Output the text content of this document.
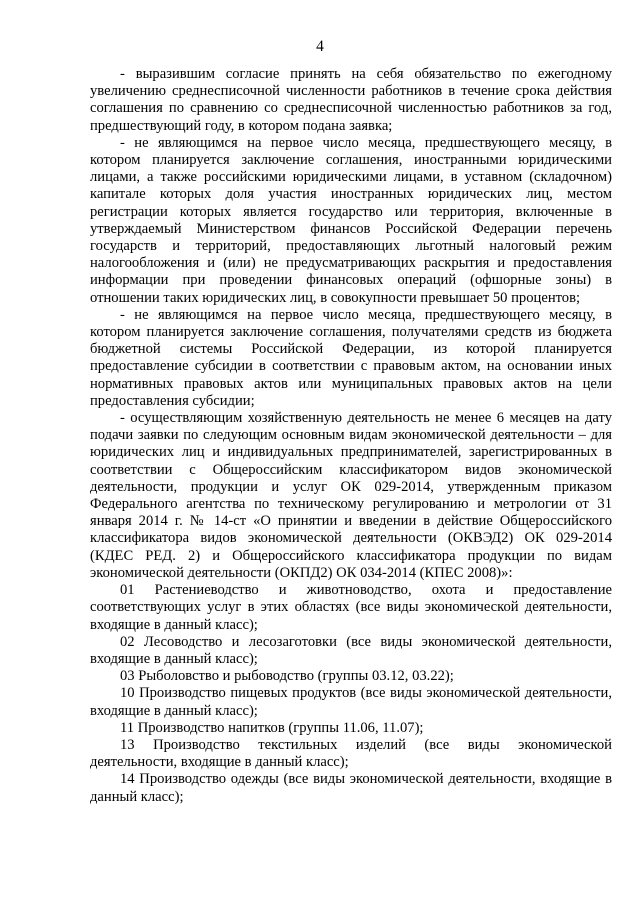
4

- выразившим согласие принять на себя обязательство по ежегодному увеличению среднесписочной численности работников в течение срока действия соглашения по сравнению со среднесписочной численностью работников за год, предшествующий году, в котором подана заявка;

- не являющимся на первое число месяца, предшествующего месяцу, в котором планируется заключение соглашения, иностранными юридическими лицами, а также российскими юридическими лицами, в уставном (складочном) капитале которых доля участия иностранных юридических лиц, местом регистрации которых является государство или территория, включенные в утверждаемый Министерством финансов Российской Федерации перечень государств и территорий, предоставляющих льготный налоговый режим налогообложения и (или) не предусматривающих раскрытия и предоставления информации при проведении финансовых операций (офшорные зоны) в отношении таких юридических лиц, в совокупности превышает 50 процентов;

- не являющимся на первое число месяца, предшествующего месяцу, в котором планируется заключение соглашения, получателями средств из бюджета бюджетной системы Российской Федерации, из которой планируется предоставление субсидии в соответствии с правовым актом, на основании иных нормативных правовых актов или муниципальных правовых актов на цели предоставления субсидии;

- осуществляющим хозяйственную деятельность не менее 6 месяцев на дату подачи заявки по следующим основным видам экономической деятельности – для юридических лиц и индивидуальных предпринимателей, зарегистрированных в соответствии с Общероссийским классификатором видов экономической деятельности, продукции и услуг ОК 029-2014, утвержденным приказом Федерального агентства по техническому регулированию и метрологии от 31 января 2014 г. № 14-ст «О принятии и введении в действие Общероссийского классификатора видов экономической деятельности (ОКВЭД2) ОК 029-2014 (КДЕС РЕД. 2) и Общероссийского классификатора продукции по видам экономической деятельности (ОКПД2) ОК 034-2014 (КПЕС 2008)»:

01 Растениеводство и животноводство, охота и предоставление соответствующих услуг в этих областях (все виды экономической деятельности, входящие в данный класс);

02 Лесоводство и лесозаготовки (все виды экономической деятельности, входящие в данный класс);

03 Рыболовство и рыбоводство (группы 03.12, 03.22);

10 Производство пищевых продуктов (все виды экономической деятельности, входящие в данный класс);

11 Производство напитков (группы 11.06, 11.07);

13 Производство текстильных изделий (все виды экономической деятельности, входящие в данный класс);

14 Производство одежды (все виды экономической деятельности, входящие в данный класс);
